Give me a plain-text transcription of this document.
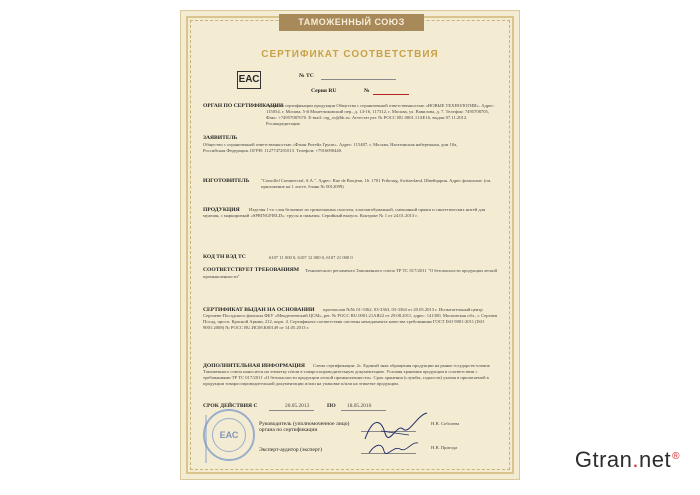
ТАМОЖЕННЫЙ СОЮЗ
СЕРТИФИКАТ СООТВЕТСТВИЯ
ЕАС	№ ТС
Серия RU	№
ОРГАН ПО СЕРТИФИКАЦИИ
Орган по сертификации продукции Общества с ограниченной ответственностью «НОВЫЕ ТЕХНОЛОГИИ». Адрес: 115054, г. Москва, 5-й Монетчиковский пер., д. 14-16, 117312, г. Москва, ул. Вавилова, д. 7. Телефон: 7495708705, Факс: +74957087670. E-mail: org_os@bk.ru. Аттестат рег. № РОСС RU.0001.11АЕ16, выдан 07.11.2012. Росаккредитация
ЗАЯВИТЕЛЬ
Общество с ограниченной ответственностью «Фэшн Ритейл Групп». Адрес: 115487, г. Москва, Нагатинская набережная, дом 10а, Российская Федерация. ОГРН: 1127747201013. Телефон: +7916090440.
ИЗГОТОВИТЕЛЬ	"Consiflel Commercial, S.A.". Адрес: Rue de Boujean, 16. 1701 Fribourg, Switzerland, Швейцария. Адрес филиалов: (см. приложение на 1 листе, бланк № 0012099)
ПРОДУКЦИЯ	Изделия 1-го слоя бельевые из трикотажных полотен, хлопчатобумажной, смешанной пряжи и синтетических нитей для мужчин, с маркировкой «SPRINGFIELD»: трусы и пижамы. Серийный выпуск. Контракт № 1 от 24.01.2013 г.
КОД ТН ВЭД ТС	6107 11 000 0, 6107 12 000 0, 6107 21 000 0
СООТВЕТСТВУЕТ ТРЕБОВАНИЯМ	Технического регламента Таможенного союза ТР ТС 017/2011 "О безопасности продукции легкой промышленности"
СЕРТИФИКАТ ВЫДАН НА ОСНОВАНИИ	протоколов №№ 01-3362, 03-3363, 03-3364 от 20.05.2013 г. Испытательный центр Сергиево-Посадского филиала ФБУ «Менделеевский ЦСМ», рег. № РОСС RU.0001.21АЯ22 от 29.08.2011, адрес: 141300, Московская обл., г. Сергиев Посад, просп. Красной Армии, 212, корп. 4. Сертификата соответствия системы менеджмента качества требованиям ГОСТ ISO 9001-2011 (ISO 9001:2008) № РОСС RU.ИС08.К00149 от 14.05.2013 г.
ДОПОЛНИТЕЛЬНАЯ ИНФОРМАЦИЯ	Схема сертификации: 2с. Единый знак обращения продукции на рынке государств-членов Таможенного союза наносится на этикетку и/или в товаросопроводительную документацию. Условия хранения продукции в соответствии с требованиями ТР ТС 017/2011 «О безопасности продукции легкой промышленности». Срок хранения (службы, годности) указан в прилагаемой к продукции товаросопроводительной документации и/или на упаковке и/или на этикетке продукции.
СРОК ДЕЙСТВИЯ С	20.05.2013	ПО 18.05.2016
Руководитель (уполномоченное лицо) органа по сертификации
Н.В. Соболева
Эксперт-аудитор (эксперт)	Н.В. Пригода
ЕАС
Gtran.net®
